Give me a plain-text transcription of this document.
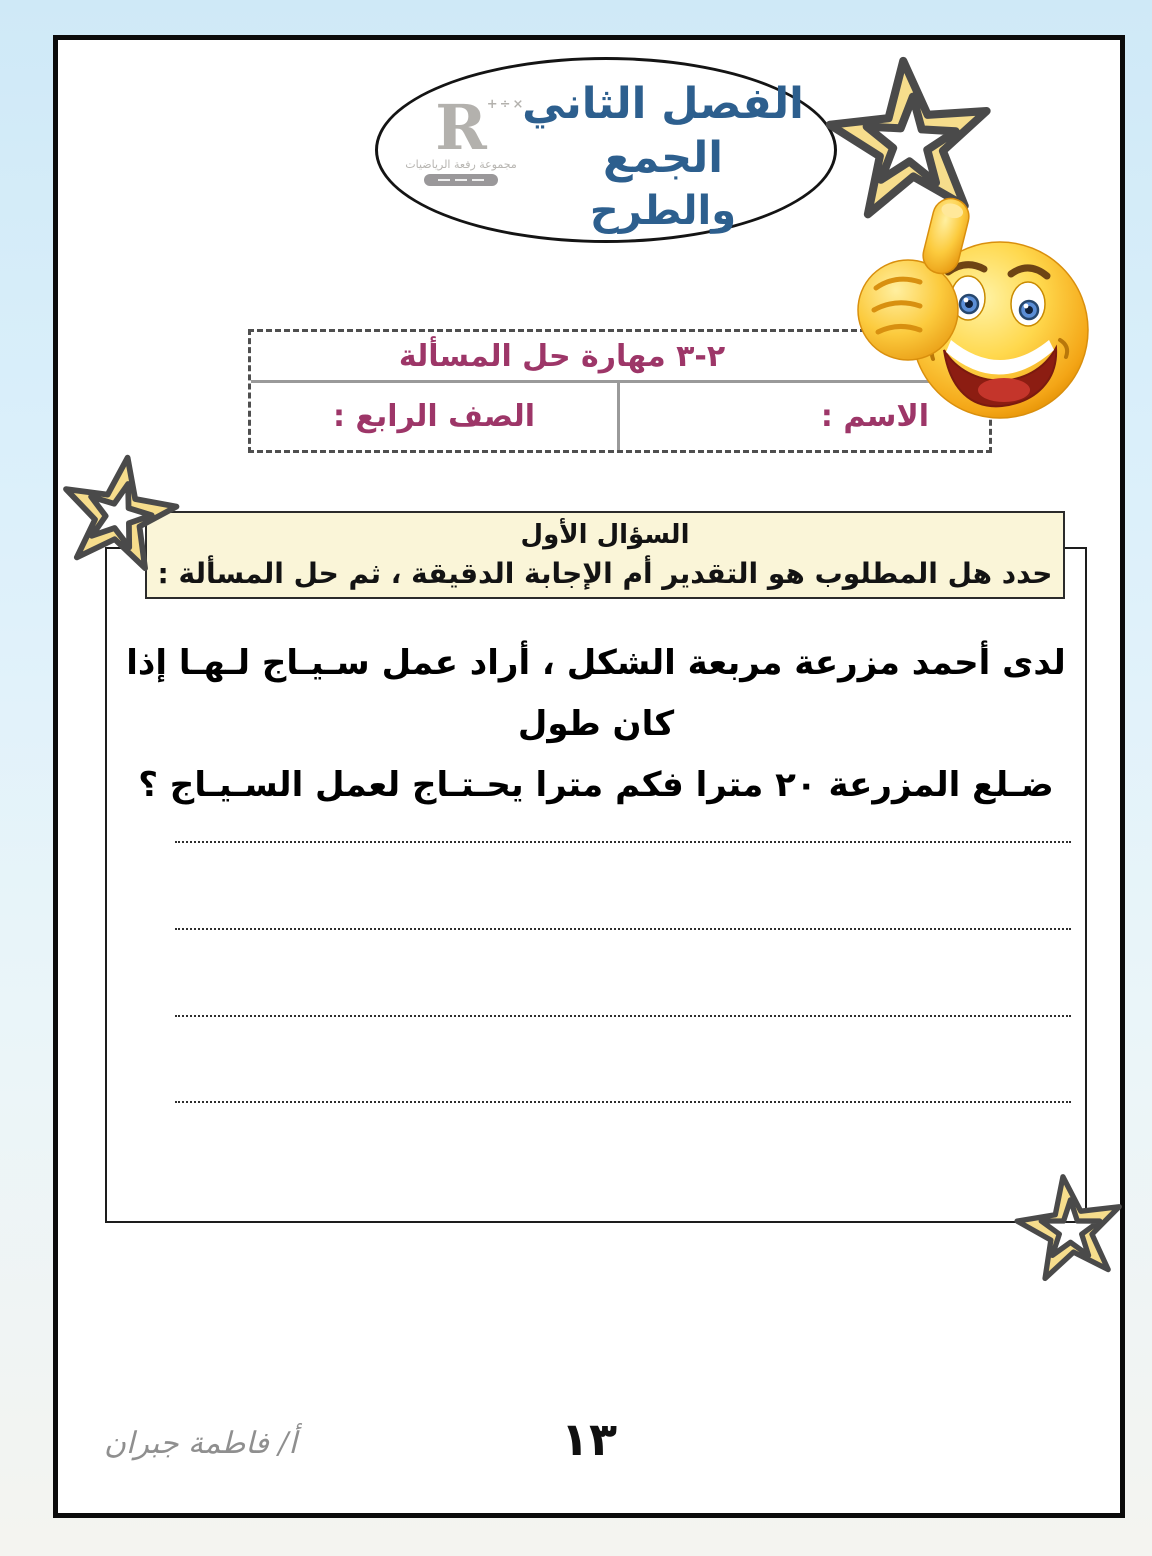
R +÷×
مجموعة رفعة الرياضيات
الفصل الثاني الجمع
والطرح
٢-٣ مهارة حل المسألة
الاسم :
الصف الرابع :
السؤال الأول
حدد هل المطلوب هو التقدير أم الإجابة الدقيقة ، ثم حل المسألة :
لدى أحمد مزرعة مربعة الشكل ، أراد عمل سـيـاج لـهـا إذا كان طول
ضـلع المزرعة ٢٠ مترا فكم مترا يحـتـاج لعمل السـيـاج ؟
١٣
أ/ فاطمة جبران
